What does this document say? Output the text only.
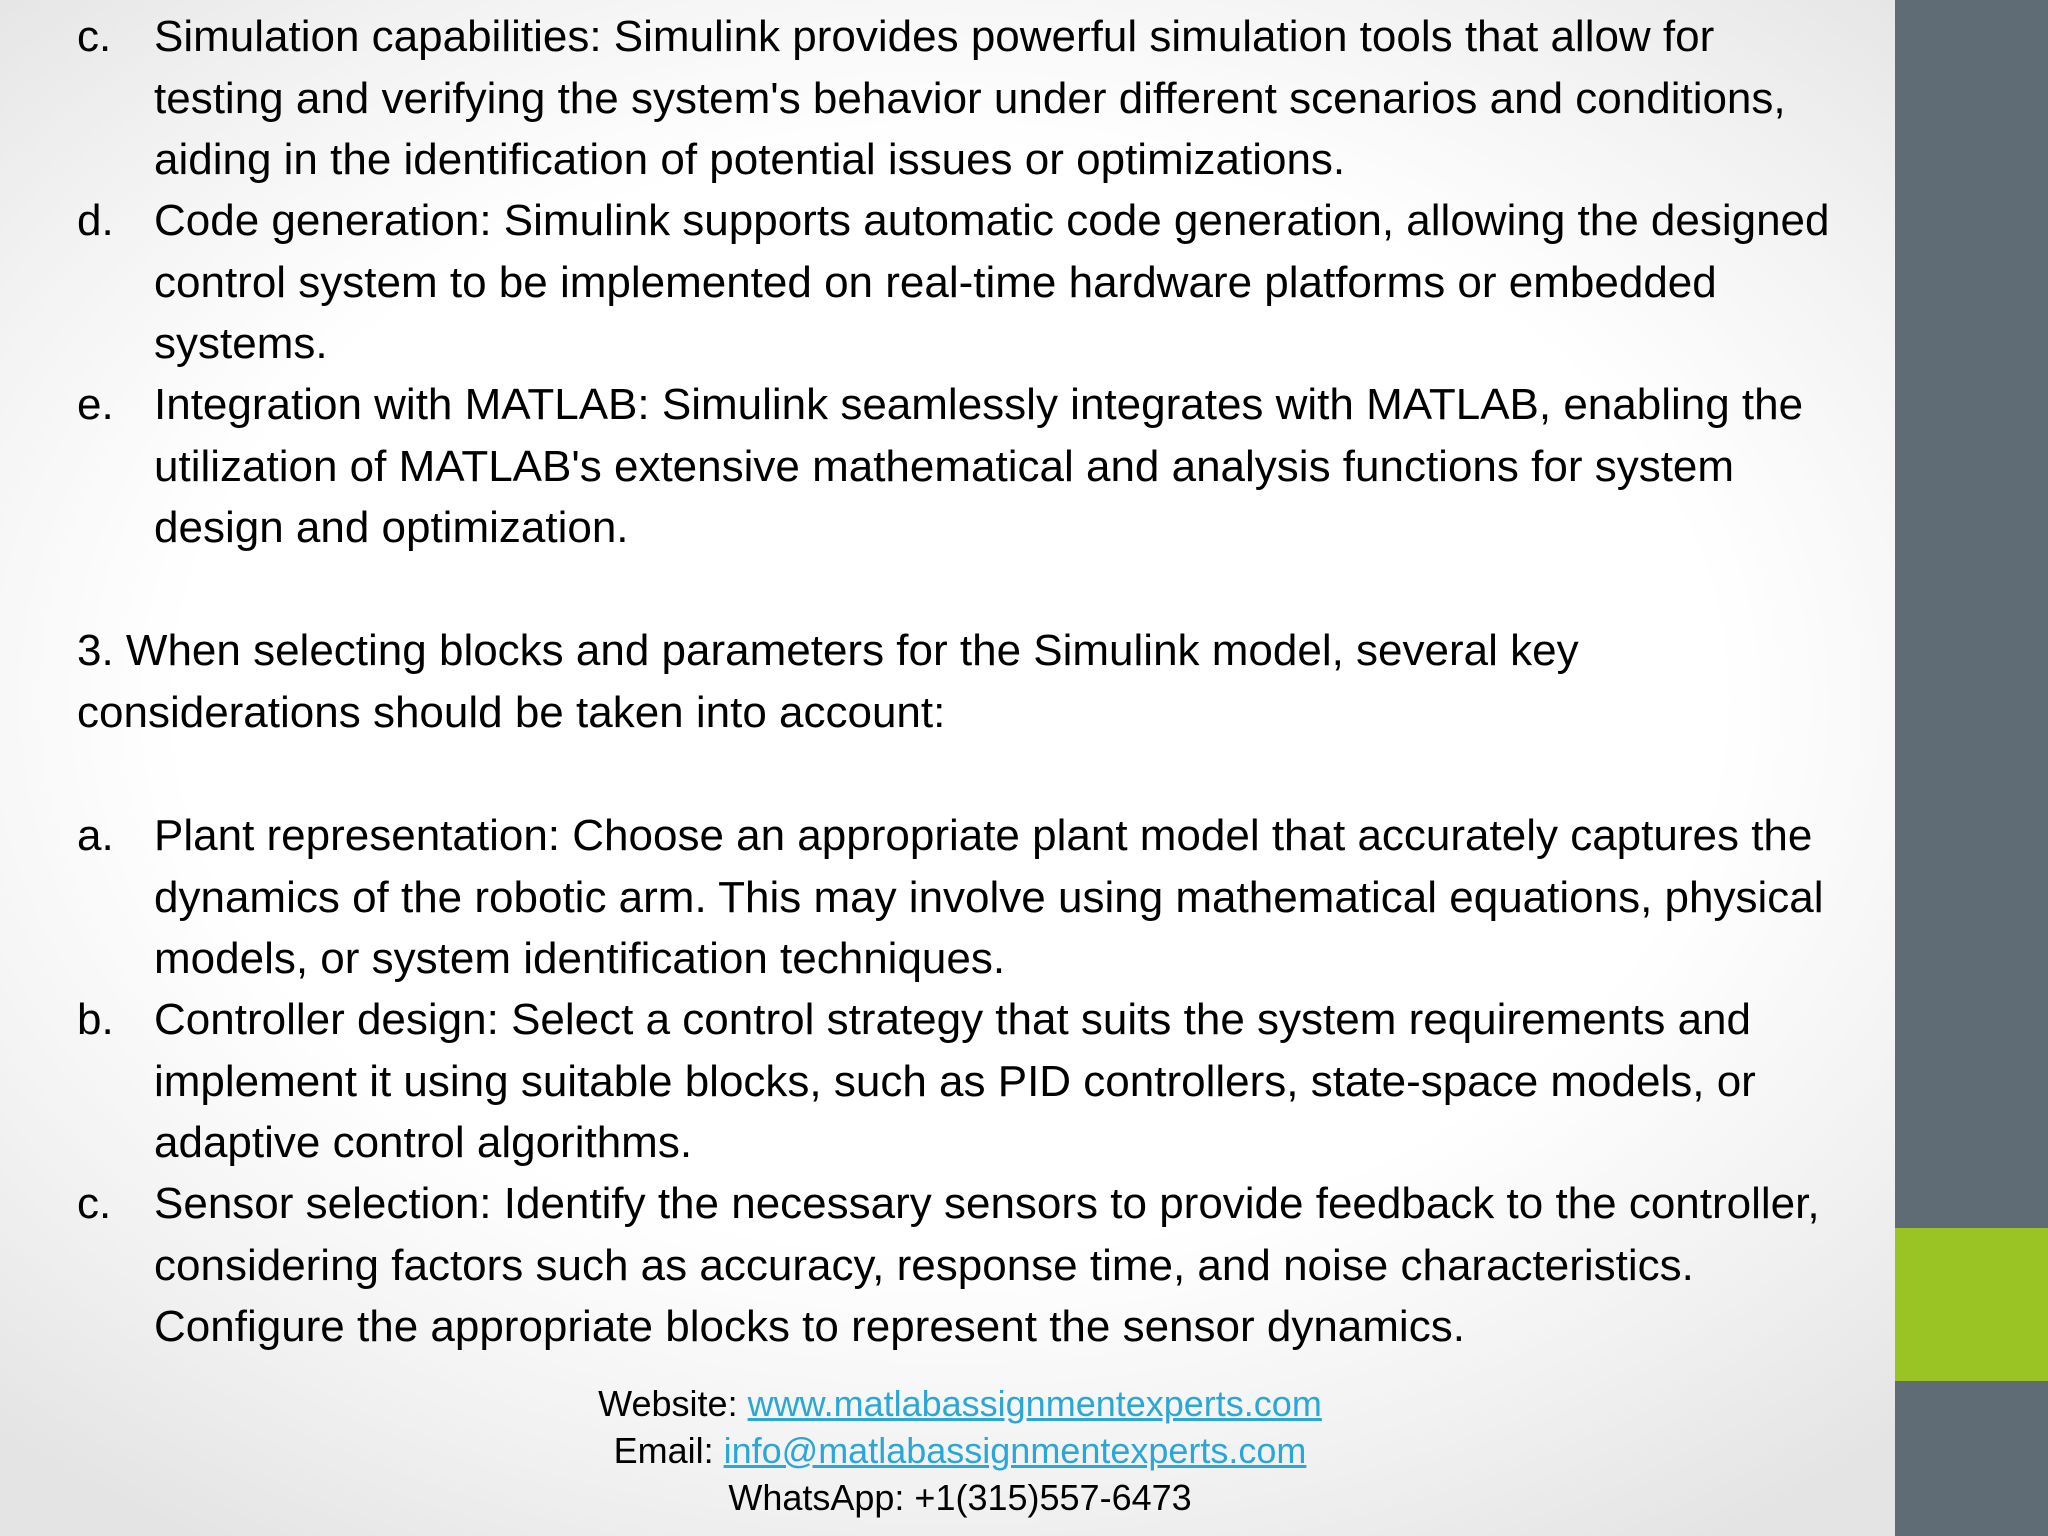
c. Simulation capabilities: Simulink provides powerful simulation tools that allow for testing and verifying the system's behavior under different scenarios and conditions, aiding in the identification of potential issues or optimizations.
d. Code generation: Simulink supports automatic code generation, allowing the designed control system to be implemented on real-time hardware platforms or embedded systems.
e. Integration with MATLAB: Simulink seamlessly integrates with MATLAB, enabling the utilization of MATLAB's extensive mathematical and analysis functions for system design and optimization.
3. When selecting blocks and parameters for the Simulink model, several key considerations should be taken into account:
a. Plant representation: Choose an appropriate plant model that accurately captures the dynamics of the robotic arm. This may involve using mathematical equations, physical models, or system identification techniques.
b. Controller design: Select a control strategy that suits the system requirements and implement it using suitable blocks, such as PID controllers, state-space models, or adaptive control algorithms.
c. Sensor selection: Identify the necessary sensors to provide feedback to the controller, considering factors such as accuracy, response time, and noise characteristics. Configure the appropriate blocks to represent the sensor dynamics.
Website: www.matlabassignmentexperts.com
Email: info@matlabassignmentexperts.com
WhatsApp: +1(315)557-6473
